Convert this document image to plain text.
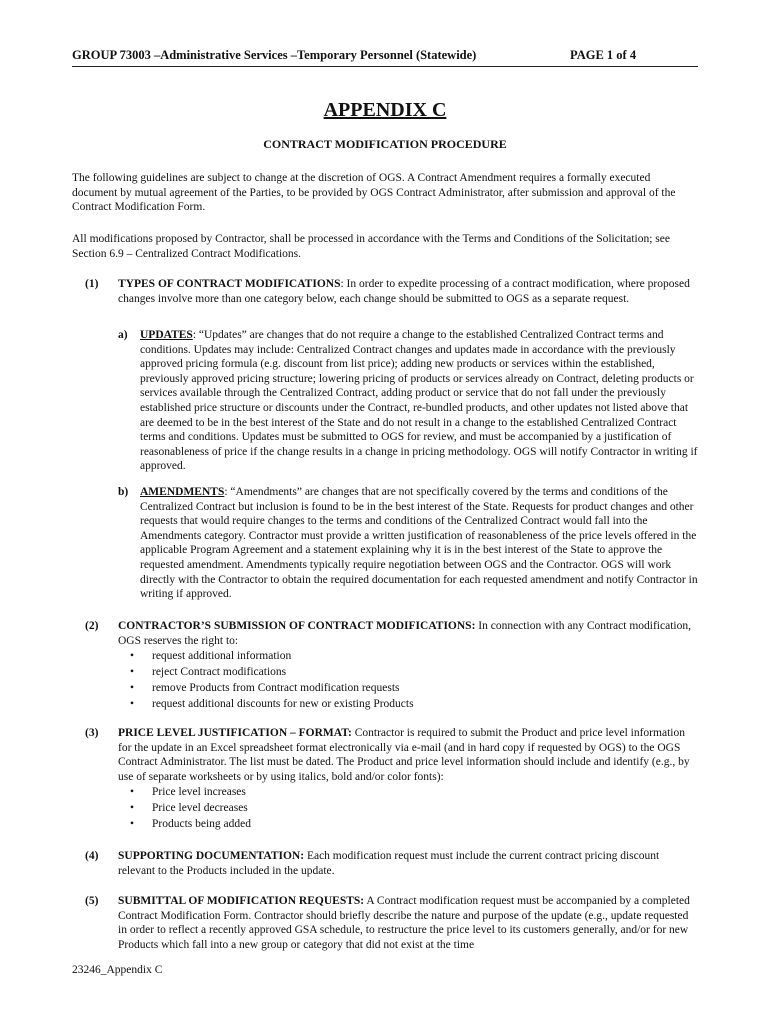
GROUP 73003 –Administrative Services –Temporary Personnel (Statewide)	PAGE 1 of 4
APPENDIX C
CONTRACT MODIFICATION PROCEDURE

The following guidelines are subject to change at the discretion of OGS. A Contract Amendment requires a formally executed document by mutual agreement of the Parties, to be provided by OGS Contract Administrator, after submission and approval of the Contract Modification Form.

All modifications proposed by Contractor, shall be processed in accordance with the Terms and Conditions of the Solicitation; see Section 6.9 – Centralized Contract Modifications.

(1) TYPES OF CONTRACT MODIFICATIONS: In order to expedite processing of a contract modification, where proposed changes involve more than one category below, each change should be submitted to OGS as a separate request.
a) UPDATES: “Updates” are changes that do not require a change to the established Centralized Contract terms and conditions. Updates may include: Centralized Contract changes and updates made in accordance with the previously approved pricing formula (e.g. discount from list price); adding new products or services within the established, previously approved pricing structure; lowering pricing of products or services already on Contract, deleting products or services available through the Centralized Contract, adding product or service that do not fall under the previously established price structure or discounts under the Contract, re-bundled products, and other updates not listed above that are deemed to be in the best interest of the State and do not result in a change to the established Centralized Contract terms and conditions. Updates must be submitted to OGS for review, and must be accompanied by a justification of reasonableness of price if the change results in a change in pricing methodology. OGS will notify Contractor in writing if approved.
b) AMENDMENTS: “Amendments” are changes that are not specifically covered by the terms and conditions of the Centralized Contract but inclusion is found to be in the best interest of the State. Requests for product changes and other requests that would require changes to the terms and conditions of the Centralized Contract would fall into the Amendments category. Contractor must provide a written justification of reasonableness of the price levels offered in the applicable Program Agreement and a statement explaining why it is in the best interest of the State to approve the requested amendment. Amendments typically require negotiation between OGS and the Contractor. OGS will work directly with the Contractor to obtain the required documentation for each requested amendment and notify Contractor in writing if approved.
(2) CONTRACTOR’S SUBMISSION OF CONTRACT MODIFICATIONS: In connection with any Contract modification, OGS reserves the right to:
• request additional information
• reject Contract modifications
• remove Products from Contract modification requests
• request additional discounts for new or existing Products
(3) PRICE LEVEL JUSTIFICATION – FORMAT: Contractor is required to submit the Product and price level information for the update in an Excel spreadsheet format electronically via e-mail (and in hard copy if requested by OGS) to the OGS Contract Administrator. The list must be dated. The Product and price level information should include and identify (e.g., by use of separate worksheets or by using italics, bold and/or color fonts):
• Price level increases
• Price level decreases
• Products being added
(4) SUPPORTING DOCUMENTATION: Each modification request must include the current contract pricing discount relevant to the Products included in the update.
(5) SUBMITTAL OF MODIFICATION REQUESTS: A Contract modification request must be accompanied by a completed Contract Modification Form. Contractor should briefly describe the nature and purpose of the update (e.g., update requested in order to reflect a recently approved GSA schedule, to restructure the price level to its customers generally, and/or for new Products which fall into a new group or category that did not exist at the time
23246_Appendix C
